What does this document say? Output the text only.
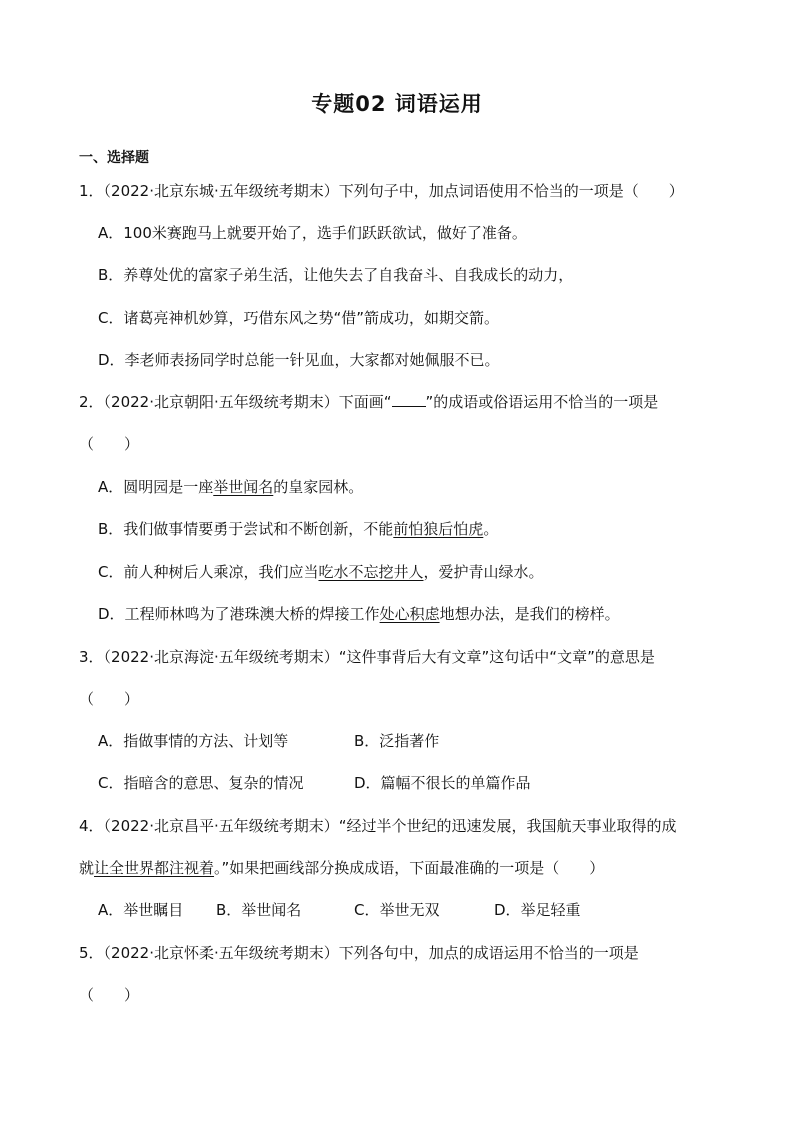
专题02 词语运用
一、选择题
1．（2022·北京东城·五年级统考期末）下列句子中，加点词语使用不恰当的一项是（　　）
A．100米赛跑马上就要开始了，选手们跃跃欲试，做好了准备。
B．养尊处优的富家子弟生活，让他失去了自我奋斗、自我成长的动力，
C．诸葛亮神机妙算，巧借东风之势“借”箭成功，如期交箭。
D．李老师表扬同学时总能一针见血，大家都对她佩服不已。
2．（2022·北京朝阳·五年级统考期末）下面画“ ”的成语或俗语运用不恰当的一项是
（　　）
A．圆明园是一座举世闻名的皇家园林。
B．我们做事情要勇于尝试和不断创新，不能前怕狼后怕虎。
C．前人种树后人乘凉，我们应当吃水不忘挖井人，爱护青山绿水。
D．工程师林鸣为了港珠澳大桥的焊接工作处心积虑地想办法，是我们的榜样。
3．（2022·北京海淀·五年级统考期末）“这件事背后大有文章”这句话中“文章”的意思是
（　　）
A．指做事情的方法、计划等	B．泛指著作
C．指暗含的意思、复杂的情况	D．篇幅不很长的单篇作品
4．（2022·北京昌平·五年级统考期末）“经过半个世纪的迅速发展，我国航天事业取得的成
就让全世界都注视着。”如果把画线部分换成成语，下面最准确的一项是（　　）
A．举世瞩目 B．举世闻名	C．举世无双	D．举足轻重
5．（2022·北京怀柔·五年级统考期末）下列各句中，加点的成语运用不恰当的一项是
（　　）
